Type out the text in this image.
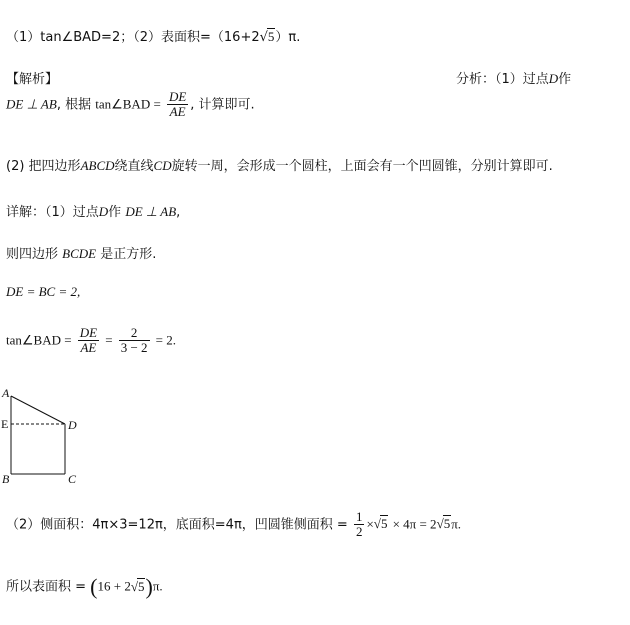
（1）tan∠BAD=2；（2）表面积=（16+2√5）π.
【解析】	分析：（1）过点D作
DE ⊥ AB, 根据 tan∠BAD = $\frac{DE}{AE}$ , 计算即可.
(2) 把四边形ABCD绕直线CD旋转一周，会形成一个圆柱，上面会有一个凹圆锥，分别计算即可.
详解：（1）过点D作 DE ⊥ AB,
则四边形 BCDE 是正方形.
DE = BC = 2,
tan∠BAD = $\frac{DE}{AE} = \frac{2}{3 - 2} = 2$.
A
E	D
B	C
（2）侧面积：4π×3=12π，底面积=4π，凹圆锥侧面积 = $\frac{1}{2} \times√5 \times 4\pi = 2√5\pi$.
所以表面积 = (16 + 2√5)π.
